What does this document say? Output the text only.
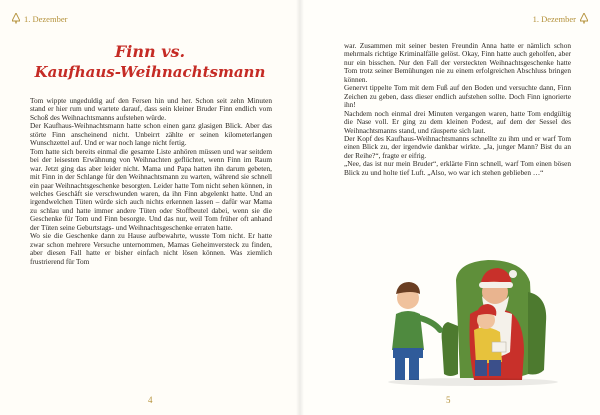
1. Dezember
Finn vs.
Kaufhaus-Weihnachtsmann

Tom wippte ungeduldig auf den Fersen hin und her. Schon seit zehn Minuten stand er hier rum und wartete darauf, dass sein kleiner Bruder Finn endlich vom Schoß des Weihnachtsmanns aufstehen würde.

Der Kaufhaus-Weihnachtsmann hatte schon einen ganz glasigen Blick. Aber das störte Finn anscheinend nicht. Unbeirrt zählte er seinen kilometerlangen Wunschzettel auf. Und er war noch lange nicht fertig.

Tom hatte sich bereits einmal die gesamte Liste anhören müssen und war seitdem bei der leisesten Erwähnung von Weihnachten geflüchtet, wenn Finn im Raum war. Jetzt ging das aber leider nicht. Mama und Papa hatten ihn darum gebeten, mit Finn in der Schlange für den Weihnachtsmann zu warten, während sie schnell ein paar Weihnachtsgeschenke besorgten. Leider hatte Tom nicht sehen können, in welches Geschäft sie verschwunden waren, da ihn Finn abgelenkt hatte. Und an irgendwelchen Tüten würde sich auch nichts erkennen lassen – dafür war Mama zu schlau und hatte immer andere Tüten oder Stoffbeutel dabei, wenn sie die Geschenke für Tom und Finn besorgte. Und das nur, weil Tom früher oft anhand der Tüten seine Geburtstags- und Weihnachtsgeschenke erraten hatte.

Wo sie die Geschenke dann zu Hause aufbewahrte, wusste Tom nicht. Er hatte zwar schon mehrere Versuche unternommen, Mamas Geheimversteck zu finden, aber diesen Fall hatte er bisher einfach nicht lösen können. Was ziemlich frustrierend für Tom

4
1. Dezember

war. Zusammen mit seiner besten Freundin Anna hatte er nämlich schon mehrmals richtige Kriminalfälle gelöst. Okay, Finn hatte auch geholfen, aber nur ein bisschen. Nur den Fall der versteckten Weihnachtsgeschenke hatte Tom trotz seiner Bemühungen nie zu einem erfolgreichen Abschluss bringen können.

Genervt tippelte Tom mit dem Fuß auf den Boden und versuchte dann, Finn Zeichen zu geben, dass dieser endlich aufstehen sollte. Doch Finn ignorierte ihn!

Nachdem noch einmal drei Minuten vergangen waren, hatte Tom endgültig die Nase voll. Er ging zu dem kleinen Podest, auf dem der Sessel des Weihnachtsmanns stand, und räusperte sich laut.

Der Kopf des Kaufhaus-Weihnachtsmanns schnellte zu ihm und er warf Tom einen Blick zu, der irgendwie dankbar wirkte. „Ja, junger Mann? Bist du an der Reihe?“, fragte er eifrig.

„Nee, das ist nur mein Bruder“, erklärte Finn schnell, warf Tom einen bösen Blick zu und holte tief Luft. „Also, wo war ich stehen geblieben …“

5
